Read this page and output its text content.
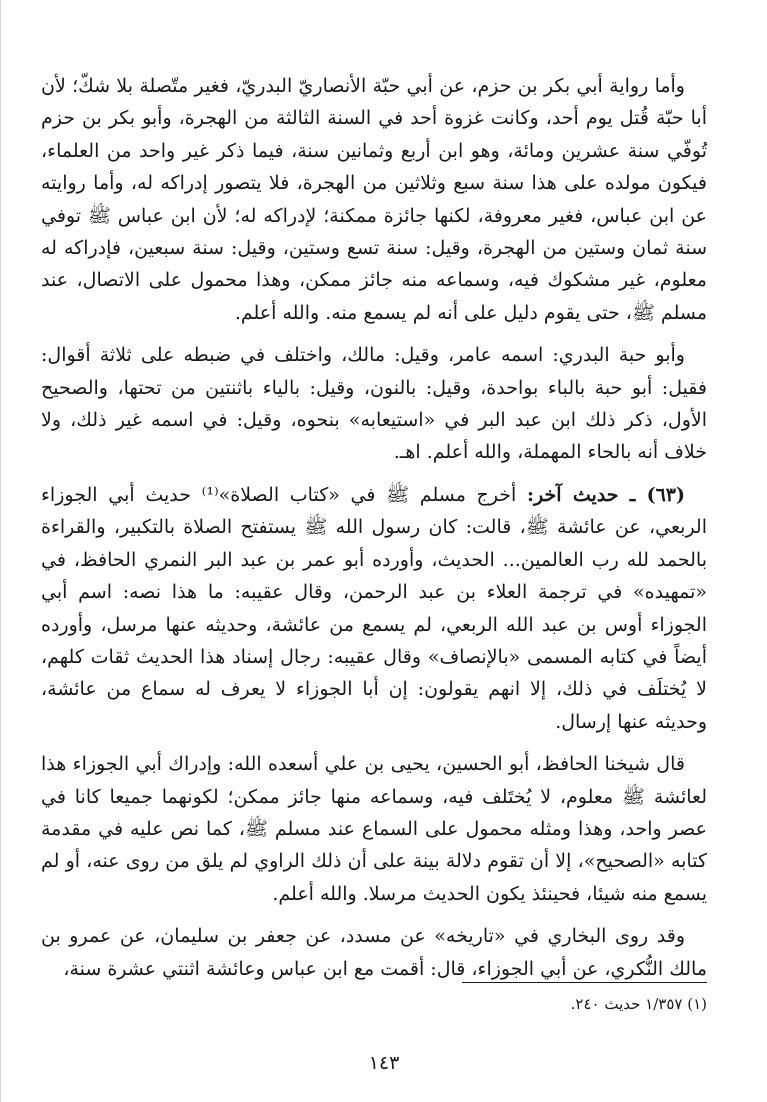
وأما رواية أبي بكر بن حزم، عن أبي حبّة الأنصاريّ البدريّ، فغير متّصلة بلا شكّ؛ لأن أبا حبّة قُتل يوم أحد، وكانت غزوة أحد في السنة الثالثة من الهجرة، وأبو بكر بن حزم تُوفّي سنة عشرين ومائة، وهو ابن أربع وثمانين سنة، فيما ذكر غير واحد من العلماء، فيكون مولده على هذا سنة سبع وثلاثين من الهجرة، فلا يتصور إدراكه له، وأما روايته عن ابن عباس، فغير معروفة، لكنها جائزة ممكنة؛ لإدراكه له؛ لأن ابن عباس ﷺ توفي سنة ثمان وستين من الهجرة، وقيل: سنة تسع وستين، وقيل: سنة سبعين، فإدراكه له معلوم، غير مشكوك فيه، وسماعه منه جائز ممكن، وهذا محمول على الاتصال، عند مسلم ﷺ، حتى يقوم دليل على أنه لم يسمع منه. والله أعلم.

وأبو حبة البدري: اسمه عامر، وقيل: مالك، واختلف في ضبطه على ثلاثة أقوال: فقيل: أبو حبة بالباء بواحدة، وقيل: بالنون، وقيل: بالياء باثنتين من تحتها، والصحيح الأول، ذكر ذلك ابن عبد البر في «استيعابه» بنحوه، وقيل: في اسمه غير ذلك، ولا خلاف أنه بالحاء المهملة، والله أعلم. اهـ.

(٦٣) ـ حديث آخر: أخرج مسلم ﷺ في «كتاب الصلاة»⁽¹⁾ حديث أبي الجوزاء الربعي، عن عائشة ﷺ، قالت: كان رسول الله ﷺ يستفتح الصلاة بالتكبير، والقراءة بالحمد لله رب العالمين... الحديث، وأورده أبو عمر بن عبد البر النمري الحافظ، في «تمهيده» في ترجمة العلاء بن عبد الرحمن، وقال عقيبه: ما هذا نصه: اسم أبي الجوزاء أوس بن عبد الله الربعي، لم يسمع من عائشة، وحديثه عنها مرسل، وأورده أيضاً في كتابه المسمى «بالإنصاف» وقال عقيبه: رجال إسناد هذا الحديث ثقات كلهم، لا يُختلَف في ذلك، إلا انهم يقولون: إن أبا الجوزاء لا يعرف له سماع من عائشة، وحديثه عنها إرسال.

قال شيخنا الحافظ، أبو الحسين، يحيى بن علي أسعده الله: وإدراك أبي الجوزاء هذا لعائشة ﷺ معلوم، لا يُختَلف فيه، وسماعه منها جائز ممكن؛ لكونهما جميعا كانا في عصر واحد، وهذا ومثله محمول على السماع عند مسلم ﷺ، كما نص عليه في مقدمة كتابه «الصحيح»، إلا أن تقوم دلالة بينة على أن ذلك الراوي لم يلق من روى عنه، أو لم يسمع منه شيئا، فحينئذ يكون الحديث مرسلا. والله أعلم.

وقد روى البخاري في «تاريخه» عن مسدد، عن جعفر بن سليمان، عن عمرو بن مالك النُّكري، عن أبي الجوزاء، قال: أقمت مع ابن عباس وعائشة اثنتي عشرة سنة،

(١) ١/٣٥٧ حديث ٢٤٠.
١٤٣
